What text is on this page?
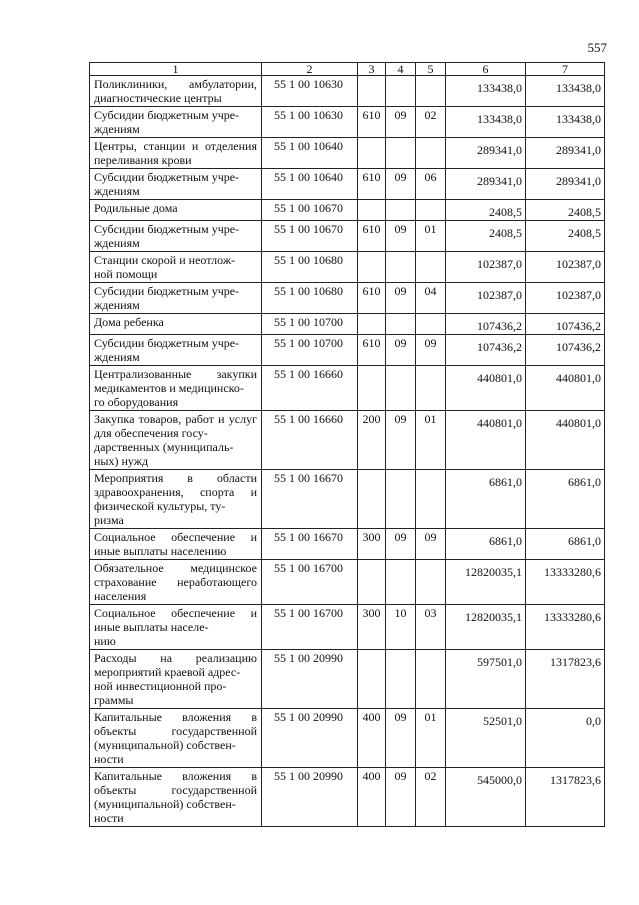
557
1	2	3	4	5	6	7
Поликлиники, амбулатории, диагностические центры	55 1 00 10630				133438,0	133438,0

Субсидии бюджетным учре-
ждениям	55 1 00 10630	610	09	02	133438,0	133438,0

Центры, станции и отделения переливания крови	55 1 00 10640				289341,0	289341,0

Субсидии бюджетным учре-
ждениям	55 1 00 10640	610	09	06	289341,0	289341,0

Родильные дома	55 1 00 10670				2408,5	2408,5

Субсидии бюджетным учре-
ждениям	55 1 00 10670	610	09	01	2408,5	2408,5

Станции скорой и неотлож-
ной помощи	55 1 00 10680				102387,0	102387,0

Субсидии бюджетным учре-
ждениям	55 1 00 10680	610	09	04	102387,0	102387,0

Дома ребенка	55 1 00 10700				107436,2	107436,2

Субсидии бюджетным учре-
ждениям	55 1 00 10700	610	09	09	107436,2	107436,2

Централизованные закупки медикаментов и медицинско-
го оборудования	55 1 00 16660				440801,0	440801,0

Закупка товаров, работ и услуг для обеспечения госу-
дарственных (муниципаль-
ных) нужд	55 1 00 16660	200	09	01	440801,0	440801,0

Мероприятия в области здравоохранения, спорта и физической культуры, ту-
ризма	55 1 00 16670				6861,0	6861,0

Социальное обеспечение и иные выплаты населению	55 1 00 16670	300	09	09	6861,0	6861,0

Обязательное медицинское страхование неработающего населения	55 1 00 16700				12820035,1	13333280,6

Социальное обеспечение и иные выплаты населе-
нию	55 1 00 16700	300	10	03	12820035,1	13333280,6

Расходы на реализацию мероприятий краевой адрес-
ной инвестиционной про-
граммы	55 1 00 20990				597501,0	1317823,6

Капитальные вложения в объекты государственной (муниципальной) собствен-
ности	55 1 00 20990	400	09	01	52501,0	0,0

Капитальные вложения в объекты государственной (муниципальной) собствен-
ности	55 1 00 20990	400	09	02	545000,0	1317823,6
